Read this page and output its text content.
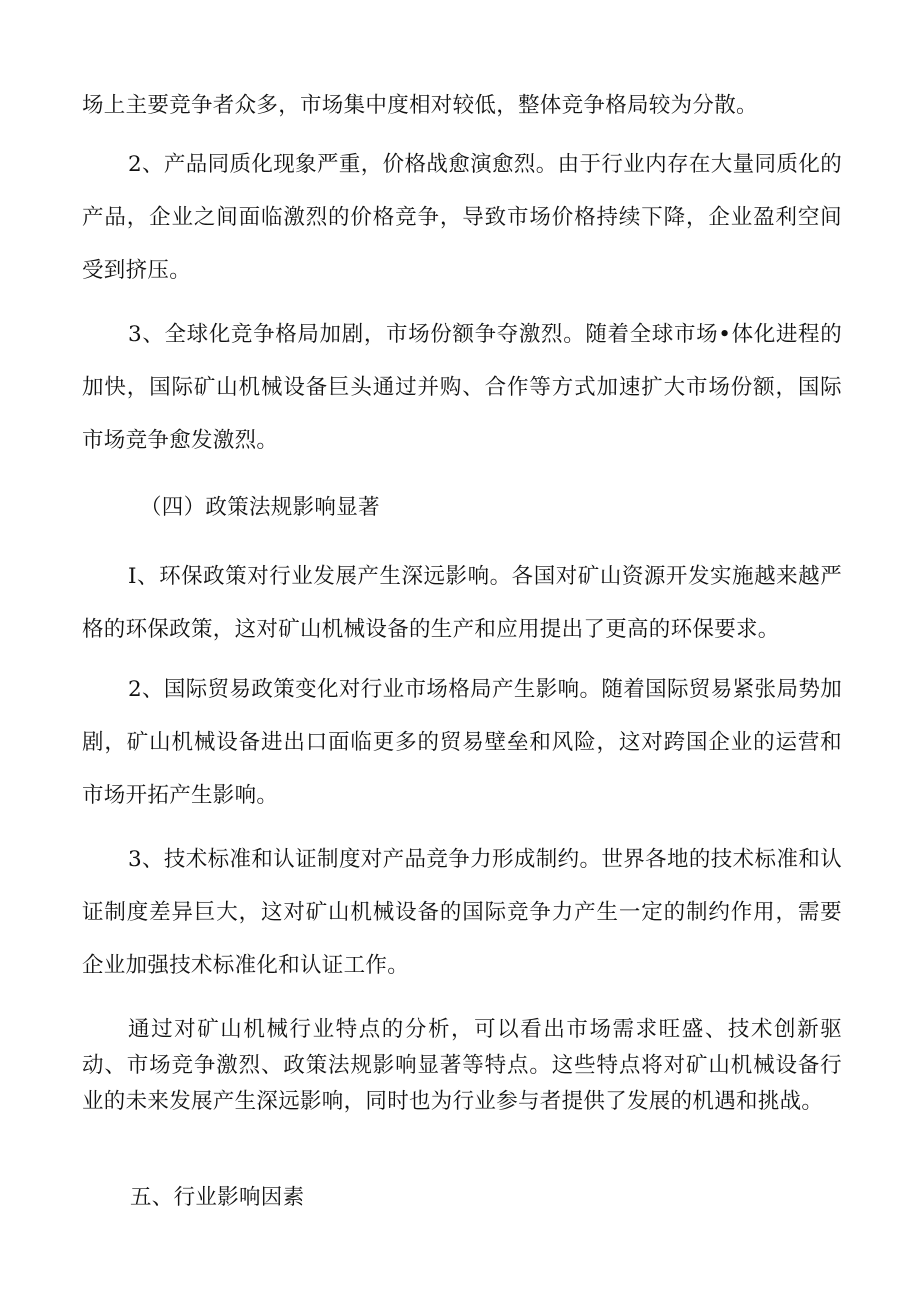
场上主要竞争者众多，市场集中度相对较低，整体竞争格局较为分散。

2、产品同质化现象严重，价格战愈演愈烈。由于行业内存在大量同质化的产品，企业之间面临激烈的价格竞争，导致市场价格持续下降，企业盈利空间受到挤压。

3、全球化竞争格局加剧，市场份额争夺激烈。随着全球市场•体化进程的加快，国际矿山机械设备巨头通过并购、合作等方式加速扩大市场份额，国际市场竞争愈发激烈。

（四）政策法规影响显著

I、环保政策对行业发展产生深远影响。各国对矿山资源开发实施越来越严格的环保政策，这对矿山机械设备的生产和应用提出了更高的环保要求。

2、国际贸易政策变化对行业市场格局产生影响。随着国际贸易紧张局势加剧，矿山机械设备进出口面临更多的贸易壁垒和风险，这对跨国企业的运营和市场开拓产生影响。

3、技术标准和认证制度对产品竞争力形成制约。世界各地的技术标准和认证制度差异巨大，这对矿山机械设备的国际竞争力产生一定的制约作用，需要企业加强技术标准化和认证工作。

通过对矿山机械行业特点的分析，可以看出市场需求旺盛、技术创新驱动、市场竞争激烈、政策法规影响显著等特点。这些特点将对矿山机械设备行业的未来发展产生深远影响，同时也为行业参与者提供了发展的机遇和挑战。

五、行业影响因素
